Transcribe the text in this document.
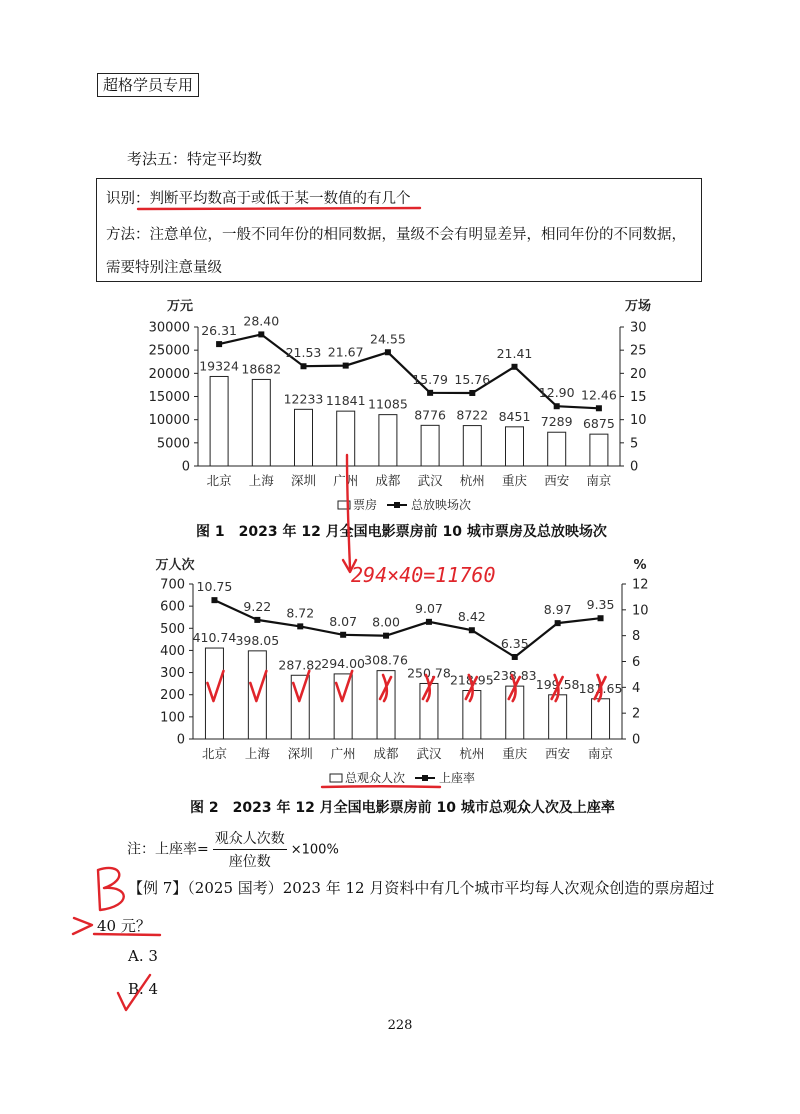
超格学员专用
考法五：特定平均数
识别：判断平均数高于或低于某一数值的有几个
方法：注意单位，一般不同年份的相同数据，量级不会有明显差异，相同年份的不同数据，
需要特别注意量级
30000
25000
20000
15000
10000
5000
0
30
25
20
15
10
5
0
万元	万场
19324
北京
18682
上海
12233
深圳
11841
广州
11085
成都
8776
武汉
8722
杭州
8451
重庆
7289
西安
6875
南京
26.31
28.40
21.53 21.67
24.55
15.79 15.76
21.41
12.90 12.46
票房	总放映场次
图 1　2023 年 12 月全国电影票房前 10 城市票房及总放映场次
700
600
500
400
300
200
100
0
12
10
8
6
4
2
0
万人次	%
410.74
北京
398.05
上海
287.82
深圳
294.00
广州
308.76
成都
250.78
武汉
218.95
杭州
238.83
重庆
199.58
西安
181.65
南京
10.75
9.22 8.72
8.07 8.00
9.07
8.42
6.35
8.97 9.35
总观众人次	上座率
图 2　2023 年 12 月全国电影票房前 10 城市总观众人次及上座率
注：上座率= $\frac{\text{观众人次数}}{\text{座位数}} \times 100\%$
【例 7】（2025 国考）2023 年 12 月资料中有几个城市平均每人次观众创造的票房超过
40 元？
A. 3
B. 4
228
294×40=11760
